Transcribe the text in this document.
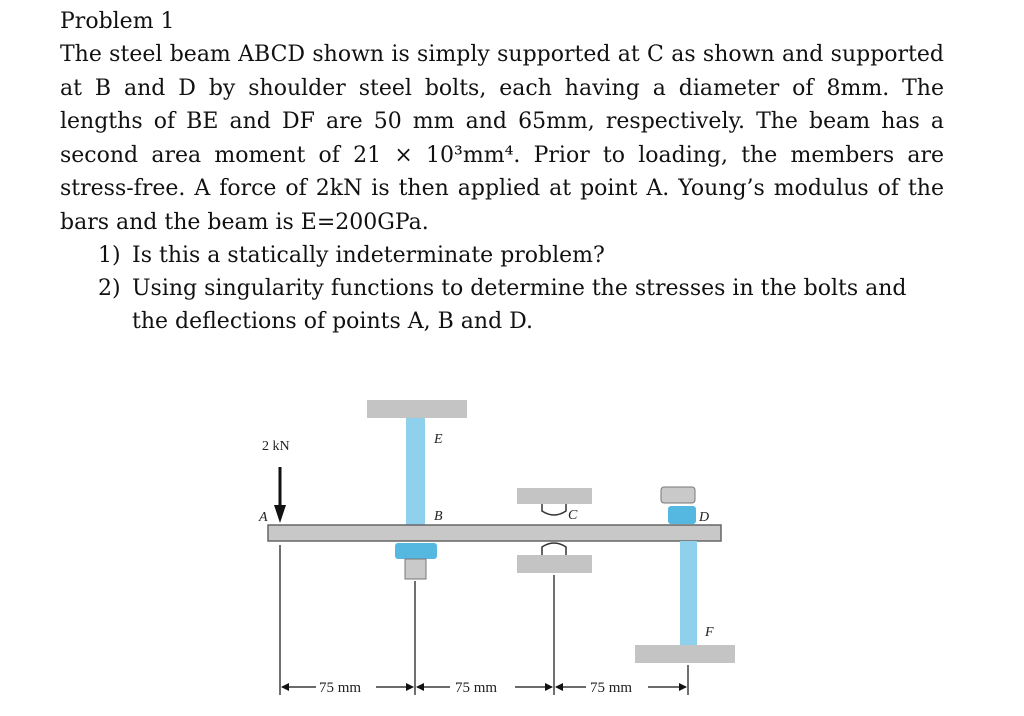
Problem 1
The steel beam ABCD shown is simply supported at C as shown and supported at B and D by shoulder steel bolts, each having a diameter of 8mm. The lengths of BE and DF are 50 mm and 65mm, respectively. The beam has a second area moment of 21 × 10³mm⁴. Prior to loading, the members are stress-free. A force of 2kN is then applied at point A. Young’s modulus of the bars and the beam is E=200GPa.
1) Is this a statically indeterminate problem?
2) Using singularity functions to determine the stresses in the bolts and the deflections of points A, B and D.
E
B
2 kN
A	C	D
F
75 mm	75 mm	75 mm
